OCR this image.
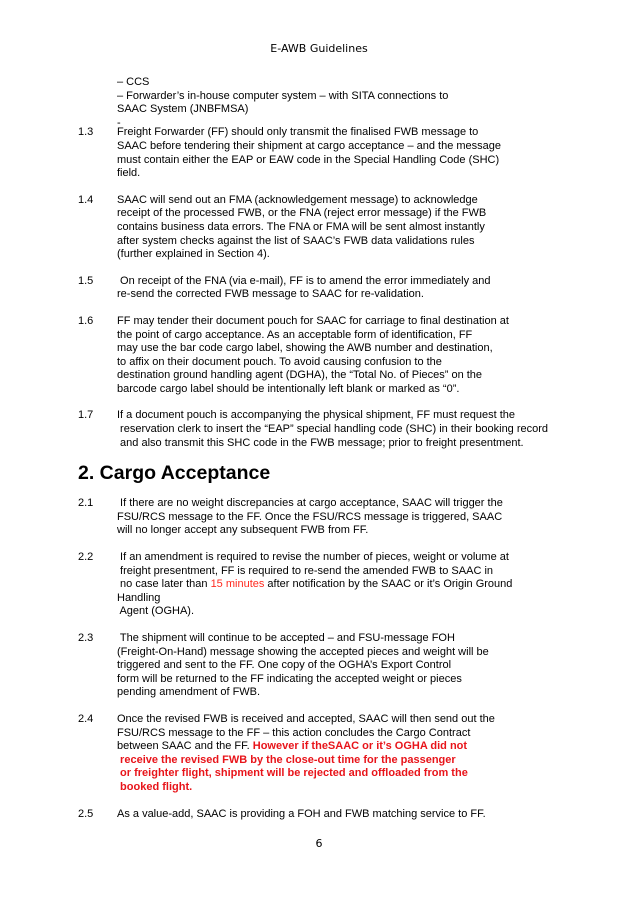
E-AWB Guidelines
– CCS
– Forwarder’s in-house computer system – with SITA connections to
SAAC System (JNBFMSA)
-
1.3 Freight Forwarder (FF) should only transmit the finalised FWB message to
SAAC before tendering their shipment at cargo acceptance – and the message
must contain either the EAP or EAW code in the Special Handling Code (SHC)
field.
1.4 SAAC will send out an FMA (acknowledgement message) to acknowledge
receipt of the processed FWB, or the FNA (reject error message) if the FWB
contains business data errors. The FNA or FMA will be sent almost instantly
after system checks against the list of SAAC’s FWB data validations rules
(further explained in Section 4).
1.5 On receipt of the FNA (via e-mail), FF is to amend the error immediately and
re-send the corrected FWB message to SAAC for re-validation.
1.6 FF may tender their document pouch for SAAC for carriage to final destination at
the point of cargo acceptance. As an acceptable form of identification, FF
may use the bar code cargo label, showing the AWB number and destination,
to affix on their document pouch. To avoid causing confusion to the
destination ground handling agent (DGHA), the “Total No. of Pieces” on the
barcode cargo label should be intentionally left blank or marked as “0”.
1.7 If a document pouch is accompanying the physical shipment, FF must request the
reservation clerk to insert the “EAP” special handling code (SHC) in their booking record
and also transmit this SHC code in the FWB message; prior to freight presentment.
2. Cargo Acceptance
2.1 If there are no weight discrepancies at cargo acceptance, SAAC will trigger the
FSU/RCS message to the FF. Once the FSU/RCS message is triggered, SAAC
will no longer accept any subsequent FWB from FF.
2.2 If an amendment is required to revise the number of pieces, weight or volume at
freight presentment, FF is required to re-send the amended FWB to SAAC in
no case later than 15 minutes after notification by the SAAC or it’s Origin Ground
Handling
Agent (OGHA).
2.3 The shipment will continue to be accepted – and FSU-message FOH
(Freight-On-Hand) message showing the accepted pieces and weight will be
triggered and sent to the FF. One copy of the OGHA’s Export Control
form will be returned to the FF indicating the accepted weight or pieces
pending amendment of FWB.
2.4 Once the revised FWB is received and accepted, SAAC will then send out the
FSU/RCS message to the FF – this action concludes the Cargo Contract
between SAAC and the FF. However if theSAAC or it’s OGHA did not
receive the revised FWB by the close-out time for the passenger
or freighter flight, shipment will be rejected and offloaded from the
booked flight.
2.5 As a value-add, SAAC is providing a FOH and FWB matching service to FF.
6
